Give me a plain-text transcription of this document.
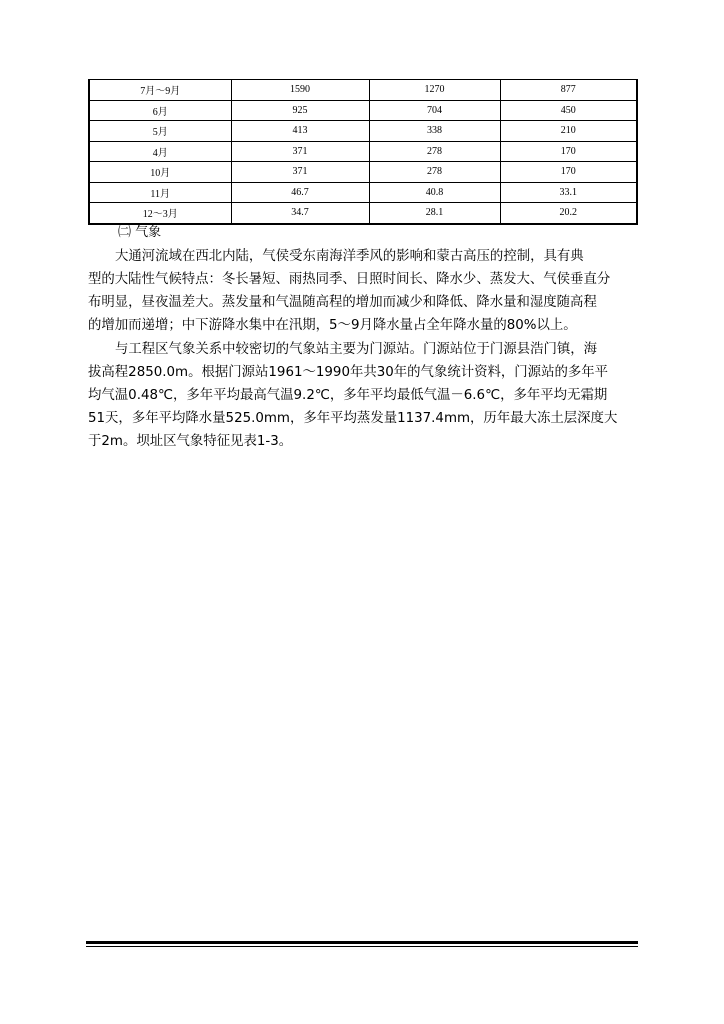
7月～9月	1590	1270	877
6月	925	704	450
5月	413	338	210
4月	371	278	170
10月	371	278	170
11月	46.7	40.8	33.1
12～3月	34.7	28.1	20.2
㈡ 气象
大通河流域在西北内陆，气侯受东南海洋季风的影响和蒙古高压的控制，具有典
型的大陆性气候特点：冬长暑短、雨热同季、日照时间长、降水少、蒸发大、气侯垂直分
布明显，昼夜温差大。蒸发量和气温随高程的增加而减少和降低、降水量和湿度随高程
的增加而递增；中下游降水集中在汛期，5～9月降水量占全年降水量的80%以上。
与工程区气象关系中较密切的气象站主要为门源站。门源站位于门源县浩门镇，海
拔高程2850.0m。根据门源站1961～1990年共30年的气象统计资料，门源站的多年平
均气温0.48℃，多年平均最高气温9.2℃，多年平均最低气温－6.6℃，多年平均无霜期
51天，多年平均降水量525.0mm，多年平均蒸发量1137.4mm，历年最大冻土层深度大
于2m。坝址区气象特征见表1-3。
